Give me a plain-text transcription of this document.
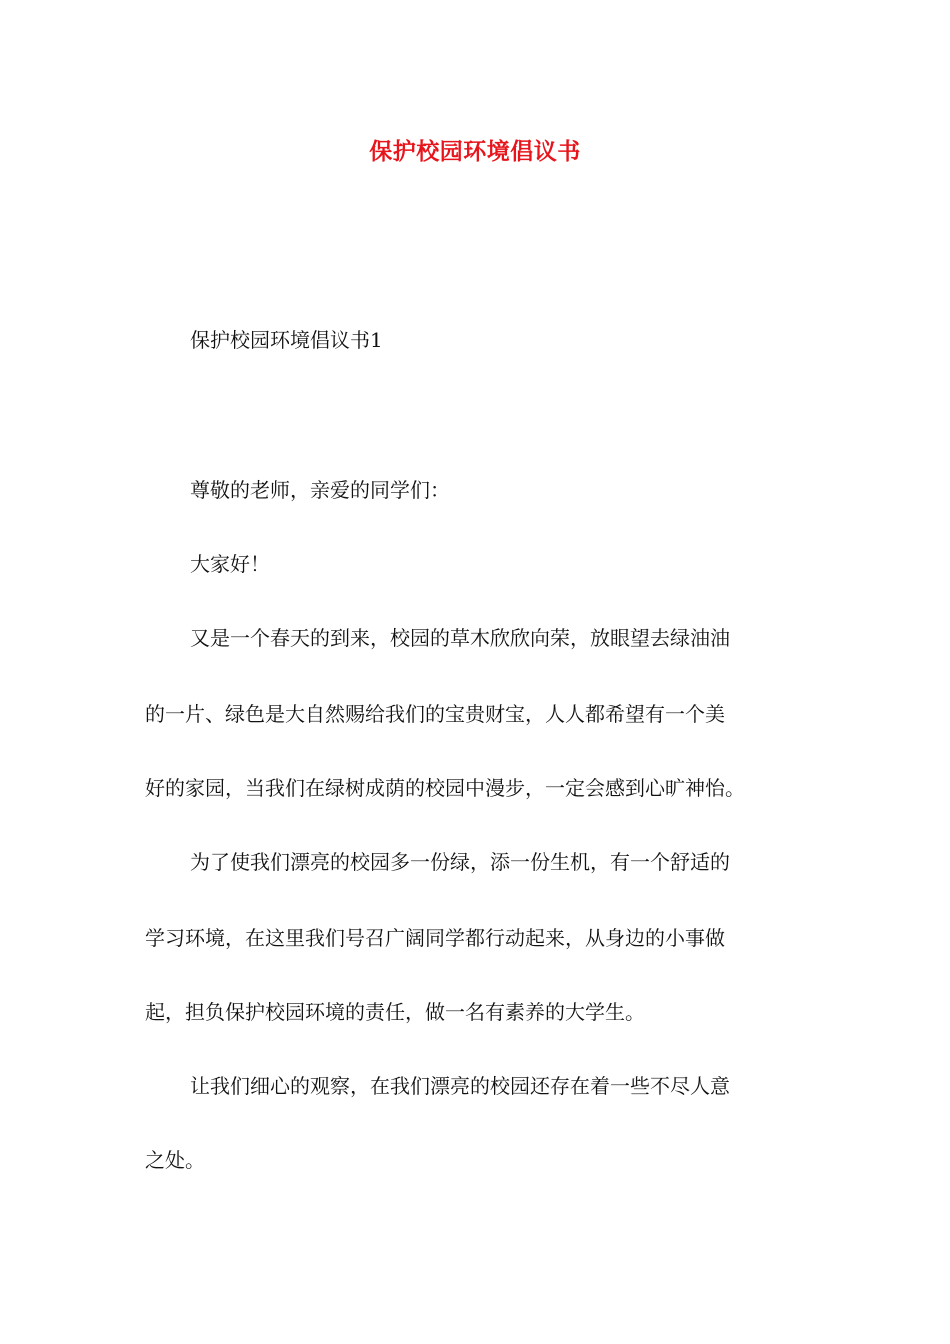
保护校园环境倡议书
保护校园环境倡议书1
尊敬的老师，亲爱的同学们：
大家好！
又是一个春天的到来，校园的草木欣欣向荣，放眼望去绿油油
的一片、绿色是大自然赐给我们的宝贵财宝，人人都希望有一个美
好的家园，当我们在绿树成荫的校园中漫步，一定会感到心旷神怡。
为了使我们漂亮的校园多一份绿，添一份生机，有一个舒适的
学习环境，在这里我们号召广阔同学都行动起来，从身边的小事做
起，担负保护校园环境的责任，做一名有素养的大学生。
让我们细心的观察，在我们漂亮的校园还存在着一些不尽人意
之处。
